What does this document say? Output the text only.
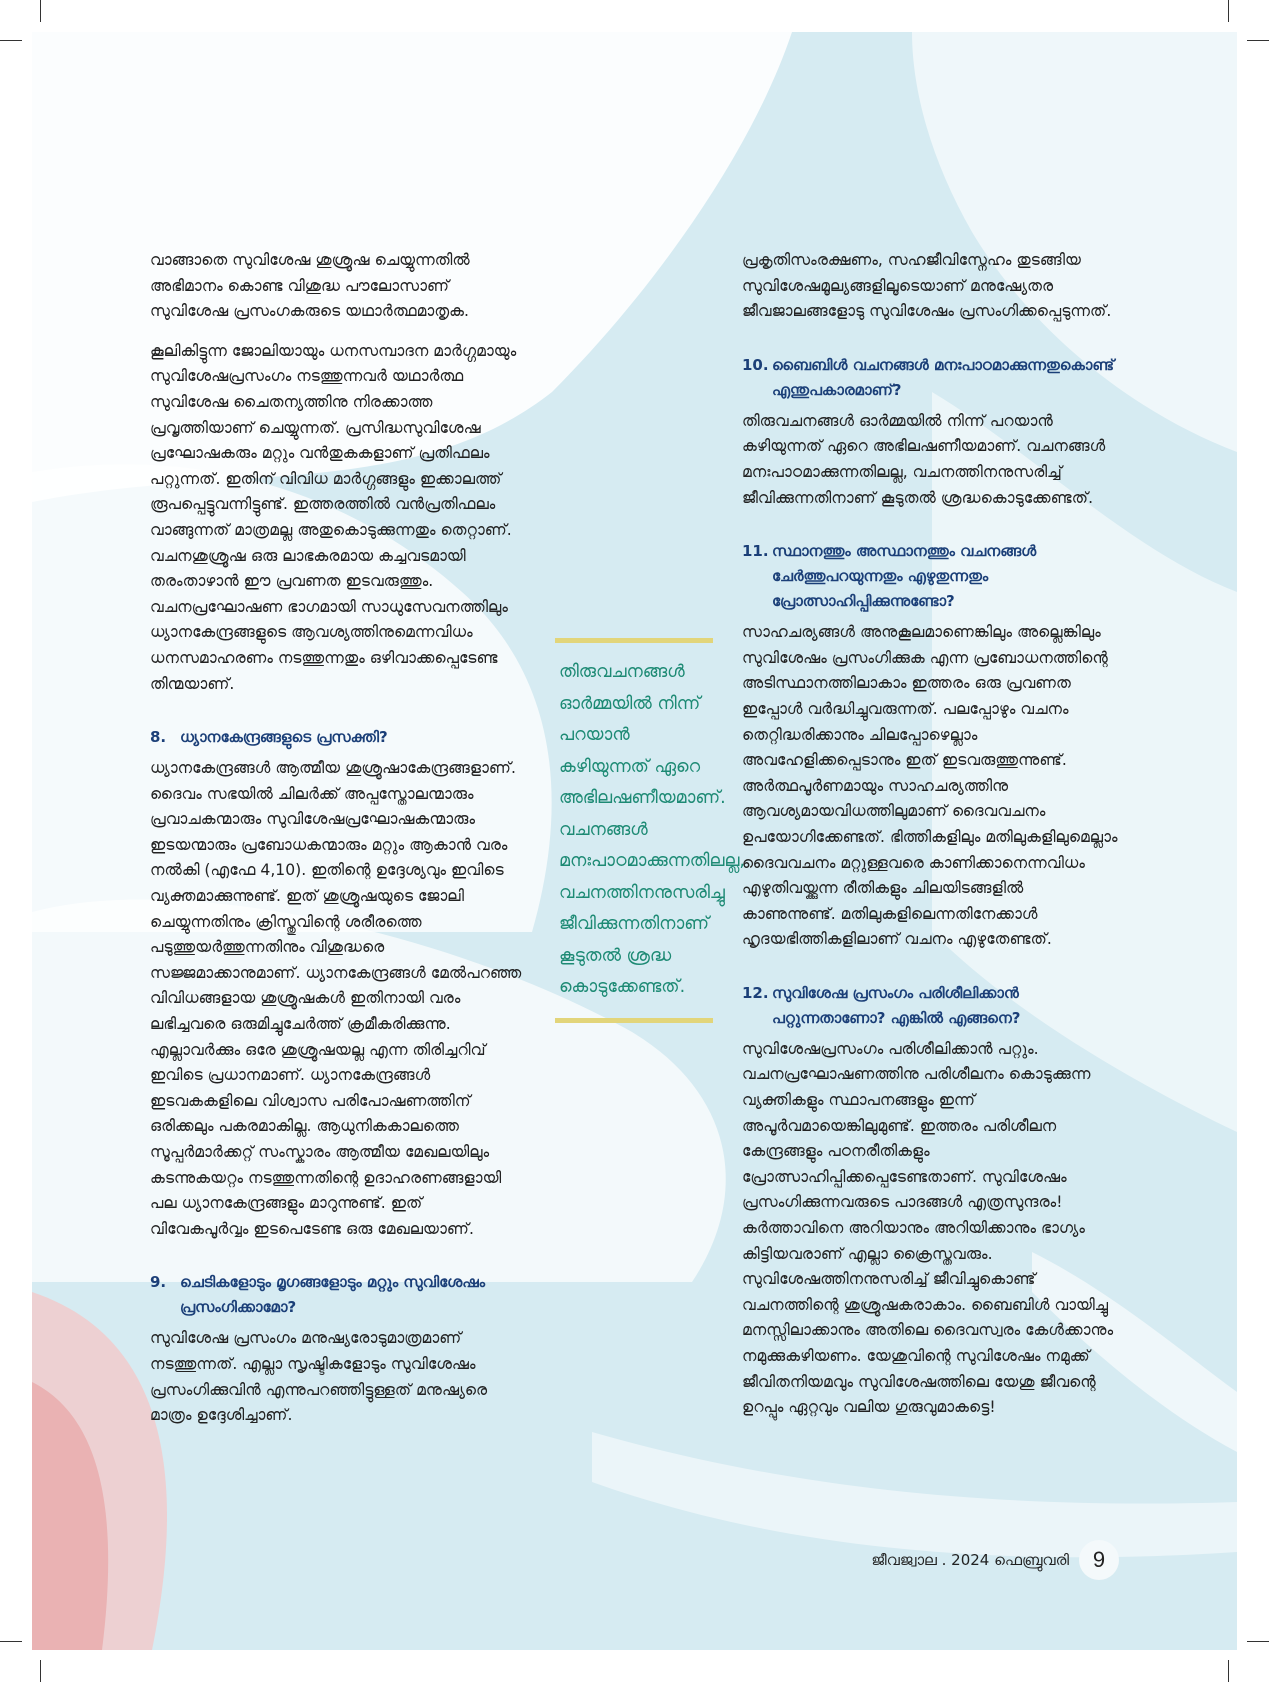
വാങ്ങാതെ സുവിശേഷ ശുശ്രൂഷ ചെയ്യുന്നതിൽ അഭിമാനം കൊണ്ട വിശുദ്ധ പൗലോസാണ് സുവിശേഷ പ്രസംഗകരുടെ യഥാർത്ഥമാതൃക.

കൂലികിട്ടുന്ന ജോലിയായും ധനസമ്പാദന മാർഗ്ഗമായും സുവിശേഷപ്രസംഗം നടത്തുന്നവർ യഥാർത്ഥ സുവിശേഷ ചൈതന്യത്തിനു നിരക്കാത്ത പ്രവൃത്തിയാണ് ചെയ്യുന്നത്. പ്രസിദ്ധസുവിശേഷ പ്രഘോഷകരും മറ്റും വൻതുകകളാണ് പ്രതിഫലം പറ്റുന്നത്. ഇതിന് വിവിധ മാർഗ്ഗങ്ങളും ഇക്കാലത്ത് രൂപപ്പെട്ടുവന്നിട്ടുണ്ട്. ഇത്തരത്തിൽ വൻപ്രതിഫലം വാങ്ങുന്നത് മാത്രമല്ല അതുകൊടുക്കുന്നതും തെറ്റാണ്. വചനശുശ്രൂഷ ഒരു ലാഭകരമായ കച്ചവടമായി തരംതാഴാൻ ഈ പ്രവണത ഇടവരുത്തും. വചനപ്രഘോഷണ ഭാഗമായി സാധുസേവനത്തിലും ധ്യാനകേന്ദ്രങ്ങളുടെ ആവശ്യത്തിനുമെന്നവിധം ധനസമാഹരണം നടത്തുന്നതും ഒഴിവാക്കപ്പെടേണ്ട തിന്മയാണ്.

8. ധ്യാനകേന്ദ്രങ്ങളുടെ പ്രസക്തി?

ധ്യാനകേന്ദ്രങ്ങൾ ആത്മീയ ശുശ്രൂഷാകേന്ദ്രങ്ങളാണ്. ദൈവം സഭയിൽ ചിലർക്ക് അപ്പസ്തോലന്മാരും പ്രവാചകന്മാരും സുവിശേഷപ്രഘോഷകന്മാരും ഇടയന്മാരും പ്രബോധകന്മാരും മറ്റും ആകാൻ വരം നൽകി (എഫേ 4,10). ഇതിന്റെ ഉദ്ദേശ്യവും ഇവിടെ വ്യക്തമാക്കുന്നുണ്ട്. ഇത് ശുശ്രൂഷയുടെ ജോലി ചെയ്യുന്നതിനും ക്രിസ്തുവിന്റെ ശരീരത്തെ പടുത്തുയർത്തുന്നതിനും വിശുദ്ധരെ സജ്ജമാക്കാനുമാണ്. ധ്യാനകേന്ദ്രങ്ങൾ മേൽപറഞ്ഞ വിവിധങ്ങളായ ശുശ്രൂഷകൾ ഇതിനായി വരം ലഭിച്ചവരെ ഒരുമിച്ചുചേർത്ത് ക്രമീകരിക്കുന്നു. എല്ലാവർക്കും ഒരേ ശുശ്രൂഷയല്ല എന്ന തിരിച്ചറിവ് ഇവിടെ പ്രധാനമാണ്. ധ്യാനകേന്ദ്രങ്ങൾ ഇടവകകളിലെ വിശ്വാസ പരിപോഷണത്തിന് ഒരിക്കലും പകരമാകില്ല. ആധുനികകാലത്തെ സൂപ്പർമാർക്കറ്റ് സംസ്കാരം ആത്മീയ മേഖലയിലും കടന്നുകയറ്റം നടത്തുന്നതിന്റെ ഉദാഹരണങ്ങളായി പല ധ്യാനകേന്ദ്രങ്ങളും മാറുന്നുണ്ട്. ഇത് വിവേകപൂർവ്വം ഇടപെടേണ്ട ഒരു മേഖലയാണ്.

9. ചെടികളോടും മൃഗങ്ങളോടും മറ്റും സുവിശേഷം പ്രസംഗിക്കാമോ?

സുവിശേഷ പ്രസംഗം മനുഷ്യരോടുമാത്രമാണ് നടത്തുന്നത്. എല്ലാ സൃഷ്ടികളോടും സുവിശേഷം പ്രസംഗിക്കുവിൻ എന്നുപറഞ്ഞിട്ടുള്ളത് മനുഷ്യരെ മാത്രം ഉദ്ദേശിച്ചാണ്.

തിരുവചനങ്ങൾ ഓർമ്മയിൽ നിന്ന് പറയാൻ കഴിയുന്നത് ഏറെ അഭിലഷണീയമാണ്. വചനങ്ങൾ മനഃപാഠമാക്കുന്നതിലല്ല, വചനത്തിനനുസരിച്ചു ജീവിക്കുന്നതിനാണ് കൂടുതൽ ശ്രദ്ധ കൊടുക്കേണ്ടത്.

പ്രകൃതിസംരക്ഷണം, സഹജീവിസ്നേഹം തുടങ്ങിയ സുവിശേഷമൂല്യങ്ങളിലൂടെയാണ് മനുഷ്യേതര ജീവജാലങ്ങളോടു സുവിശേഷം പ്രസംഗിക്കപ്പെടുന്നത്.

10. ബൈബിൾ വചനങ്ങൾ മനഃപാഠമാക്കുന്നതുകൊണ്ട് എന്തുപകാരമാണ്?

തിരുവചനങ്ങൾ ഓർമ്മയിൽ നിന്ന് പറയാൻ കഴിയുന്നത് ഏറെ അഭിലഷണീയമാണ്. വചനങ്ങൾ മനഃപാഠമാക്കുന്നതിലല്ല, വചനത്തിനനുസരിച്ച് ജീവിക്കുന്നതിനാണ് കൂടുതൽ ശ്രദ്ധകൊടുക്കേണ്ടത്.

11. സ്ഥാനത്തും അസ്ഥാനത്തും വചനങ്ങൾ ചേർത്തുപറയുന്നതും എഴുതുന്നതും പ്രോത്സാഹിപ്പിക്കുന്നുണ്ടോ?

സാഹചര്യങ്ങൾ അനുകൂലമാണെങ്കിലും അല്ലെങ്കിലും സുവിശേഷം പ്രസംഗിക്കുക എന്ന പ്രബോധനത്തിന്റെ അടിസ്ഥാനത്തിലാകാം ഇത്തരം ഒരു പ്രവണത ഇപ്പോൾ വർദ്ധിച്ചുവരുന്നത്. പലപ്പോഴും വചനം തെറ്റിദ്ധരിക്കാനും ചിലപ്പോഴെല്ലാം അവഹേളിക്കപ്പെടാനും ഇത് ഇടവരുത്തുന്നുണ്ട്. അർത്ഥപൂർണമായും സാഹചര്യത്തിനു ആവശ്യമായവിധത്തിലുമാണ് ദൈവവചനം ഉപയോഗിക്കേണ്ടത്. ഭിത്തികളിലും മതിലുകളിലുമെല്ലാം ദൈവവചനം മറ്റുള്ളവരെ കാണിക്കാനെന്നവിധം എഴുതിവയ്ക്കുന്ന രീതികളും ചിലയിടങ്ങളിൽ കാണുന്നുണ്ട്. മതിലുകളിലെന്നതിനേക്കാൾ ഹൃദയഭിത്തികളിലാണ് വചനം എഴുതേണ്ടത്.

12. സുവിശേഷ പ്രസംഗം പരിശീലിക്കാൻ പറ്റുന്നതാണോ? എങ്കിൽ എങ്ങനെ?

സുവിശേഷപ്രസംഗം പരിശീലിക്കാൻ പറ്റും. വചനപ്രഘോഷണത്തിനു പരിശീലനം കൊടുക്കുന്ന വ്യക്തികളും സ്ഥാപനങ്ങളും ഇന്ന് അപൂർവമായെങ്കിലുമുണ്ട്. ഇത്തരം പരിശീലന കേന്ദ്രങ്ങളും പഠനരീതികളും പ്രോത്സാഹിപ്പിക്കപ്പെടേണ്ടതാണ്. സുവിശേഷം പ്രസംഗിക്കുന്നവരുടെ പാദങ്ങൾ എത്രസുന്ദരം! കർത്താവിനെ അറിയാനും അറിയിക്കാനും ഭാഗ്യം കിട്ടിയവരാണ് എല്ലാ ക്രൈസ്തവരും. സുവിശേഷത്തിനനുസരിച്ച് ജീവിച്ചുകൊണ്ട് വചനത്തിന്റെ ശുശ്രൂഷകരാകാം. ബൈബിൾ വായിച്ചു മനസ്സിലാക്കാനും അതിലെ ദൈവസ്വരം കേൾക്കാനും നമുക്കുകഴിയണം. യേശുവിന്റെ സുവിശേഷം നമുക്ക് ജീവിതനിയമവും സുവിശേഷത്തിലെ യേശു ജീവന്റെ ഉറപ്പും ഏറ്റവും വലിയ ഗുരുവുമാകട്ടെ!

ജീവജ്വാല . 2024 ഫെബ്രുവരി	9
